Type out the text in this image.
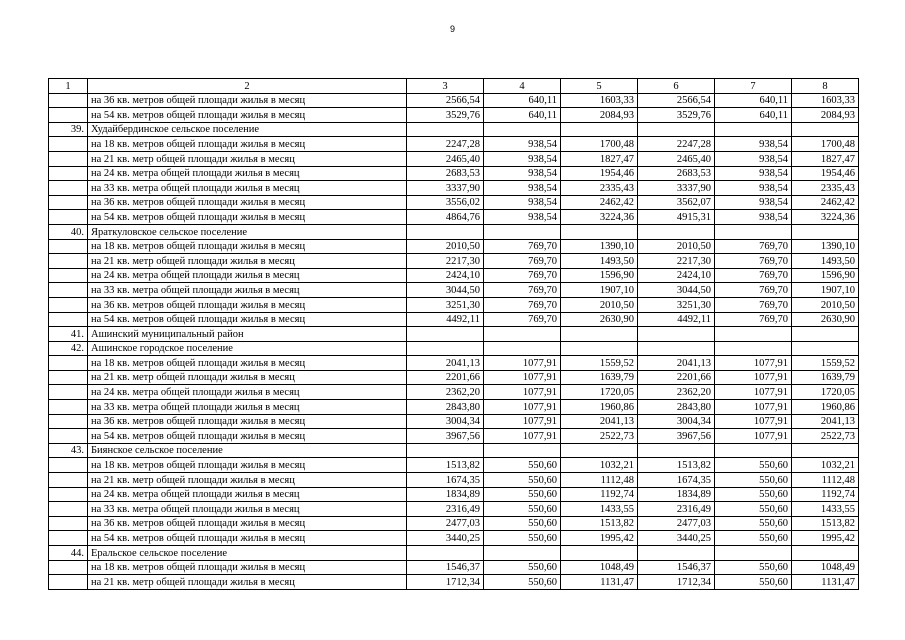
9
1	2	3	4	5	6	7	8
	на 36 кв. метров общей площади жилья в месяц	2566,54	640,11	1603,33	2566,54	640,11	1603,33
	на 54 кв. метров общей площади жилья в месяц	3529,76	640,11	2084,93	3529,76	640,11	2084,93
39.	Худайбердинское сельское поселение						
	на 18 кв. метров общей площади жилья в месяц	2247,28	938,54	1700,48	2247,28	938,54	1700,48
	на 21 кв. метр общей площади жилья в месяц	2465,40	938,54	1827,47	2465,40	938,54	1827,47
	на 24 кв. метра общей площади жилья в месяц	2683,53	938,54	1954,46	2683,53	938,54	1954,46
	на 33 кв. метра общей площади жилья в месяц	3337,90	938,54	2335,43	3337,90	938,54	2335,43
	на 36 кв. метров общей площади жилья в месяц	3556,02	938,54	2462,42	3562,07	938,54	2462,42
	на 54 кв. метров общей площади жилья в месяц	4864,76	938,54	3224,36	4915,31	938,54	3224,36
40.	Яраткуловское сельское поселение						
	на 18 кв. метров общей площади жилья в месяц	2010,50	769,70	1390,10	2010,50	769,70	1390,10
	на 21 кв. метр общей площади жилья в месяц	2217,30	769,70	1493,50	2217,30	769,70	1493,50
	на 24 кв. метра общей площади жилья в месяц	2424,10	769,70	1596,90	2424,10	769,70	1596,90
	на 33 кв. метра общей площади жилья в месяц	3044,50	769,70	1907,10	3044,50	769,70	1907,10
	на 36 кв. метров общей площади жилья в месяц	3251,30	769,70	2010,50	3251,30	769,70	2010,50
	на 54 кв. метров общей площади жилья в месяц	4492,11	769,70	2630,90	4492,11	769,70	2630,90
41.	Ашинский муниципальный район						
42.	Ашинское городское поселение						
	на 18 кв. метров общей площади жилья в месяц	2041,13	1077,91	1559,52	2041,13	1077,91	1559,52
	на 21 кв. метр общей площади жилья в месяц	2201,66	1077,91	1639,79	2201,66	1077,91	1639,79
	на 24 кв. метра общей площади жилья в месяц	2362,20	1077,91	1720,05	2362,20	1077,91	1720,05
	на 33 кв. метра общей площади жилья в месяц	2843,80	1077,91	1960,86	2843,80	1077,91	1960,86
	на 36 кв. метров общей площади жилья в месяц	3004,34	1077,91	2041,13	3004,34	1077,91	2041,13
	на 54 кв. метров общей площади жилья в месяц	3967,56	1077,91	2522,73	3967,56	1077,91	2522,73
43.	Биянское сельское поселение						
	на 18 кв. метров общей площади жилья в месяц	1513,82	550,60	1032,21	1513,82	550,60	1032,21
	на 21 кв. метр общей площади жилья в месяц	1674,35	550,60	1112,48	1674,35	550,60	1112,48
	на 24 кв. метра общей площади жилья в месяц	1834,89	550,60	1192,74	1834,89	550,60	1192,74
	на 33 кв. метра общей площади жилья в месяц	2316,49	550,60	1433,55	2316,49	550,60	1433,55
	на 36 кв. метров общей площади жилья в месяц	2477,03	550,60	1513,82	2477,03	550,60	1513,82
	на 54 кв. метров общей площади жилья в месяц	3440,25	550,60	1995,42	3440,25	550,60	1995,42
44.	Еральское сельское поселение						
	на 18 кв. метров общей площади жилья в месяц	1546,37	550,60	1048,49	1546,37	550,60	1048,49
	на 21 кв. метр общей площади жилья в месяц	1712,34	550,60	1131,47	1712,34	550,60	1131,47
